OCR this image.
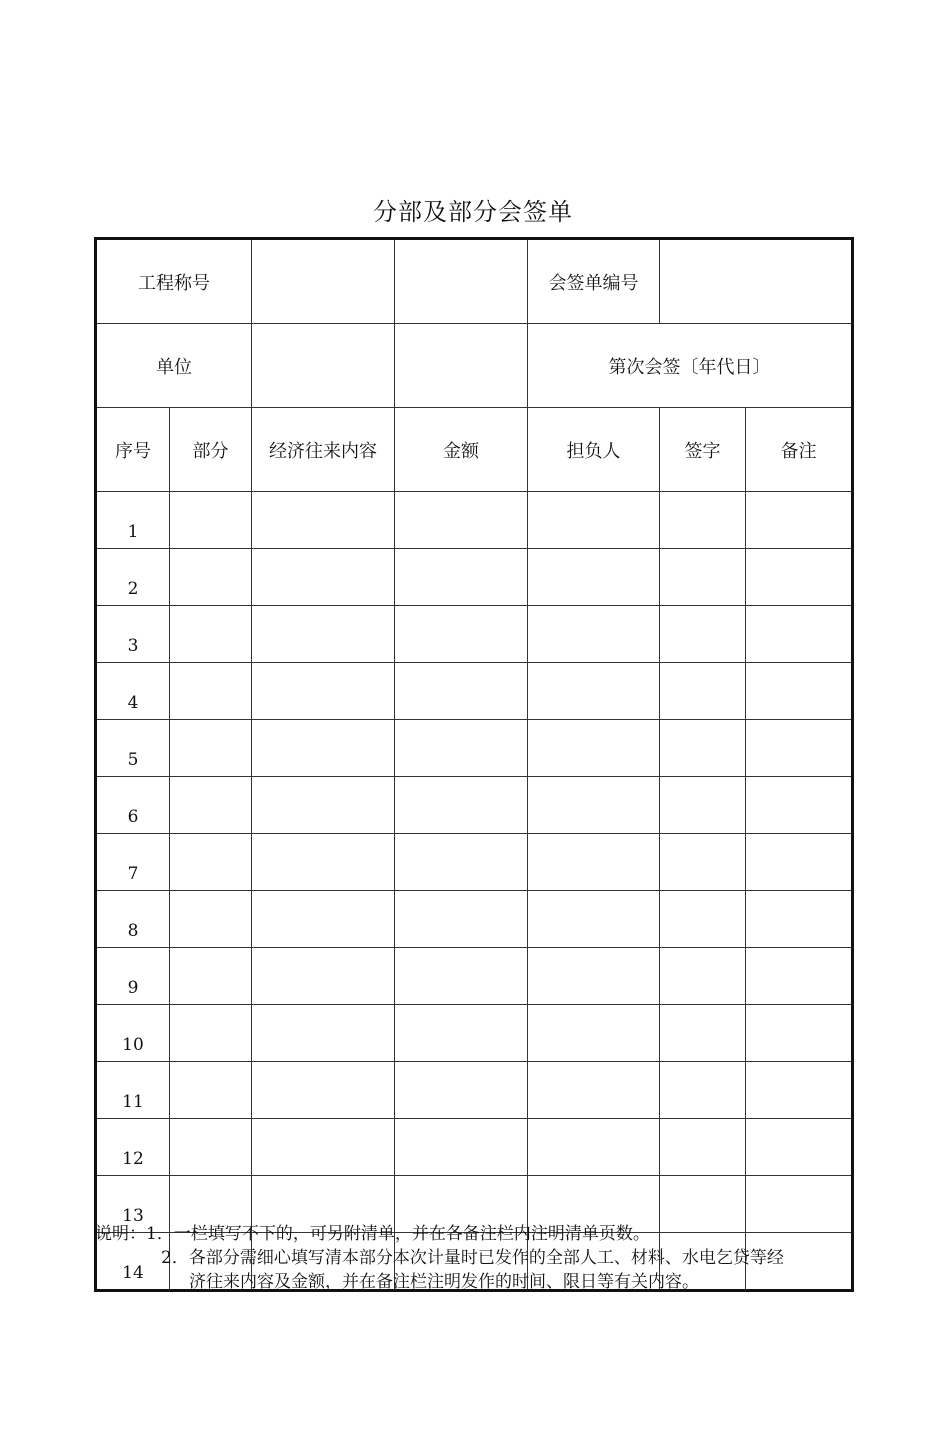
分部及部分会签单
工程称号				会签单编号		
单位				第次会签〔年代日〕		
序号	部分	经济往来内容	金额	担负人	签字	备注
1						
2						
3						
4						
5						
6						
7						
8						
9						
10						
11						
12						
13						
14						
说明：1．一栏填写不下的，可另附清单，并在各备注栏内注明清单页数。
2．各部分需细心填写清本部分本次计量时已发作的全部人工、材料、水电乞贷等经
济往来内容及金额，并在备注栏注明发作的时间、限日等有关内容。
